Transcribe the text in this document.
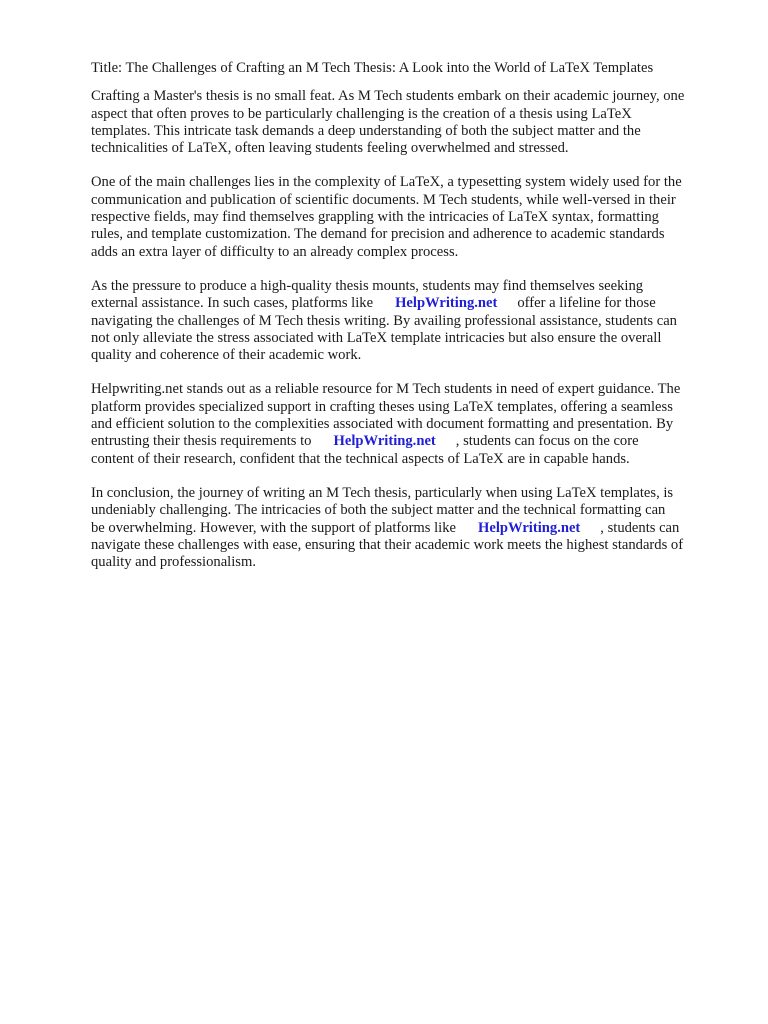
Title: The Challenges of Crafting an M Tech Thesis: A Look into the World of LaTeX Templates

Crafting a Master's thesis is no small feat. As M Tech students embark on their academic journey, one
aspect that often proves to be particularly challenging is the creation of a thesis using LaTeX
templates. This intricate task demands a deep understanding of both the subject matter and the
technicalities of LaTeX, often leaving students feeling overwhelmed and stressed.

One of the main challenges lies in the complexity of LaTeX, a typesetting system widely used for the
communication and publication of scientific documents. M Tech students, while well-versed in their
respective fields, may find themselves grappling with the intricacies of LaTeX syntax, formatting
rules, and template customization. The demand for precision and adherence to academic standards
adds an extra layer of difficulty to an already complex process.

As the pressure to produce a high-quality thesis mounts, students may find themselves seeking
external assistance. In such cases, platforms like HelpWriting.net offer a lifeline for those
navigating the challenges of M Tech thesis writing. By availing professional assistance, students can
not only alleviate the stress associated with LaTeX template intricacies but also ensure the overall
quality and coherence of their academic work.

Helpwriting.net stands out as a reliable resource for M Tech students in need of expert guidance. The
platform provides specialized support in crafting theses using LaTeX templates, offering a seamless
and efficient solution to the complexities associated with document formatting and presentation. By
entrusting their thesis requirements to HelpWriting.net , students can focus on the core
content of their research, confident that the technical aspects of LaTeX are in capable hands.

In conclusion, the journey of writing an M Tech thesis, particularly when using LaTeX templates, is
undeniably challenging. The intricacies of both the subject matter and the technical formatting can
be overwhelming. However, with the support of platforms like HelpWriting.net , students can
navigate these challenges with ease, ensuring that their academic work meets the highest standards of
quality and professionalism.
